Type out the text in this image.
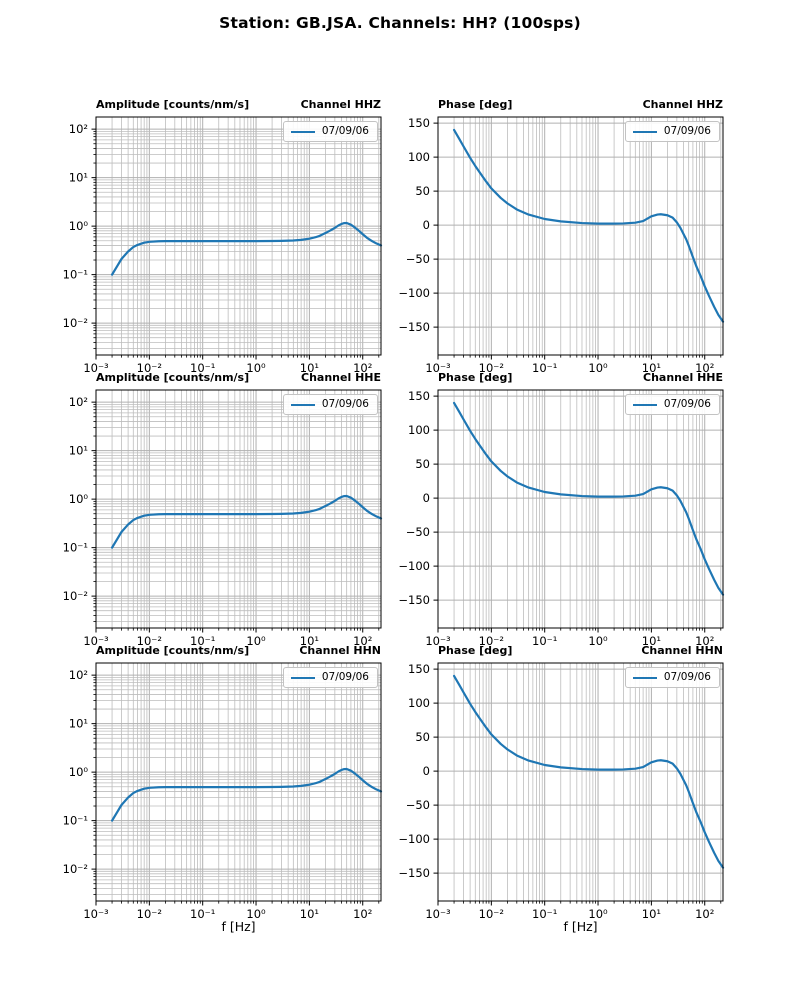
Station: GB.JSA. Channels: HH? (100sps)
10⁻³ 10⁻² 10⁻¹	10⁰	10¹	10²
10²
10¹
10⁰
10⁻¹
10⁻²
Amplitude [counts/nm/s]	Channel HHZ
07/09/06
10⁻³ 10⁻² 10⁻¹	10⁰	10¹	10²
150
100
50
0
−50
−100
−150
Phase [deg]	Channel HHZ
07/09/06
10⁻³ 10⁻² 10⁻¹	10⁰	10¹	10²
10²
10¹
10⁰
10⁻¹
10⁻²
Amplitude [counts/nm/s]	Channel HHE
07/09/06
10⁻³ 10⁻² 10⁻¹	10⁰	10¹	10²
150
100
50
0
−50
−100
−150
Phase [deg]	Channel HHE
07/09/06
10⁻³ 10⁻² 10⁻¹	10⁰	10¹	10²
10²
10¹
10⁰
10⁻¹
10⁻²
Amplitude [counts/nm/s]	Channel HHN
07/09/06
10⁻³ 10⁻² 10⁻¹	10⁰	10¹	10²
150
100
50
0
−50
−100
−150
Phase [deg]	Channel HHN
07/09/06
f [Hz]	f [Hz]
